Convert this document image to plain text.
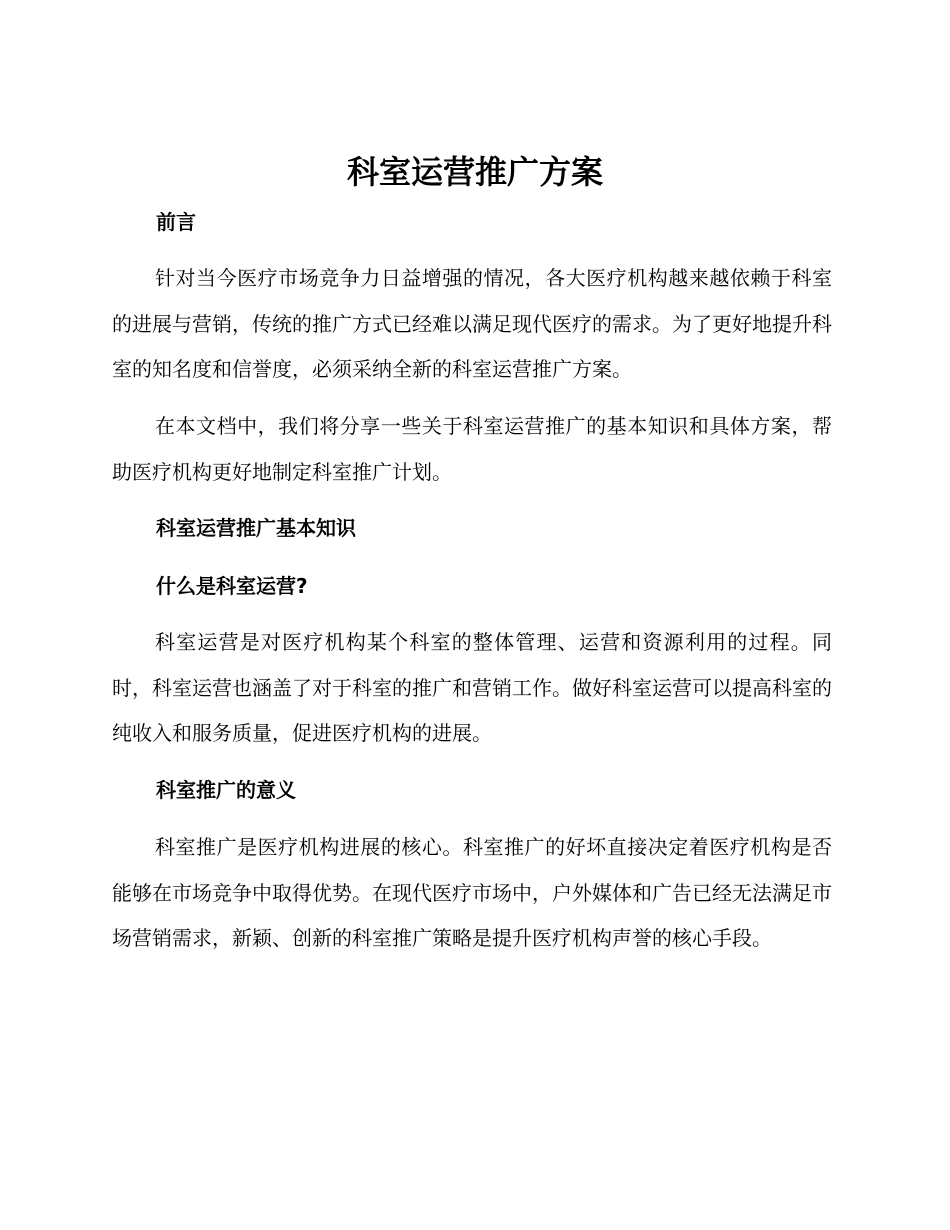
科室运营推广方案
前言
针对当今医疗市场竞争力日益增强的情况，各大医疗机构越来越依赖于科室的进展与营销，传统的推广方式已经难以满足现代医疗的需求。为了更好地提升科室的知名度和信誉度，必须采纳全新的科室运营推广方案。
在本文档中，我们将分享一些关于科室运营推广的基本知识和具体方案，帮助医疗机构更好地制定科室推广计划。
科室运营推广基本知识
什么是科室运营?
科室运营是对医疗机构某个科室的整体管理、运营和资源利用的过程。同时，科室运营也涵盖了对于科室的推广和营销工作。做好科室运营可以提高科室的纯收入和服务质量，促进医疗机构的进展。
科室推广的意义
科室推广是医疗机构进展的核心。科室推广的好坏直接决定着医疗机构是否能够在市场竞争中取得优势。在现代医疗市场中，户外媒体和广告已经无法满足市场营销需求，新颖、创新的科室推广策略是提升医疗机构声誉的核心手段。
